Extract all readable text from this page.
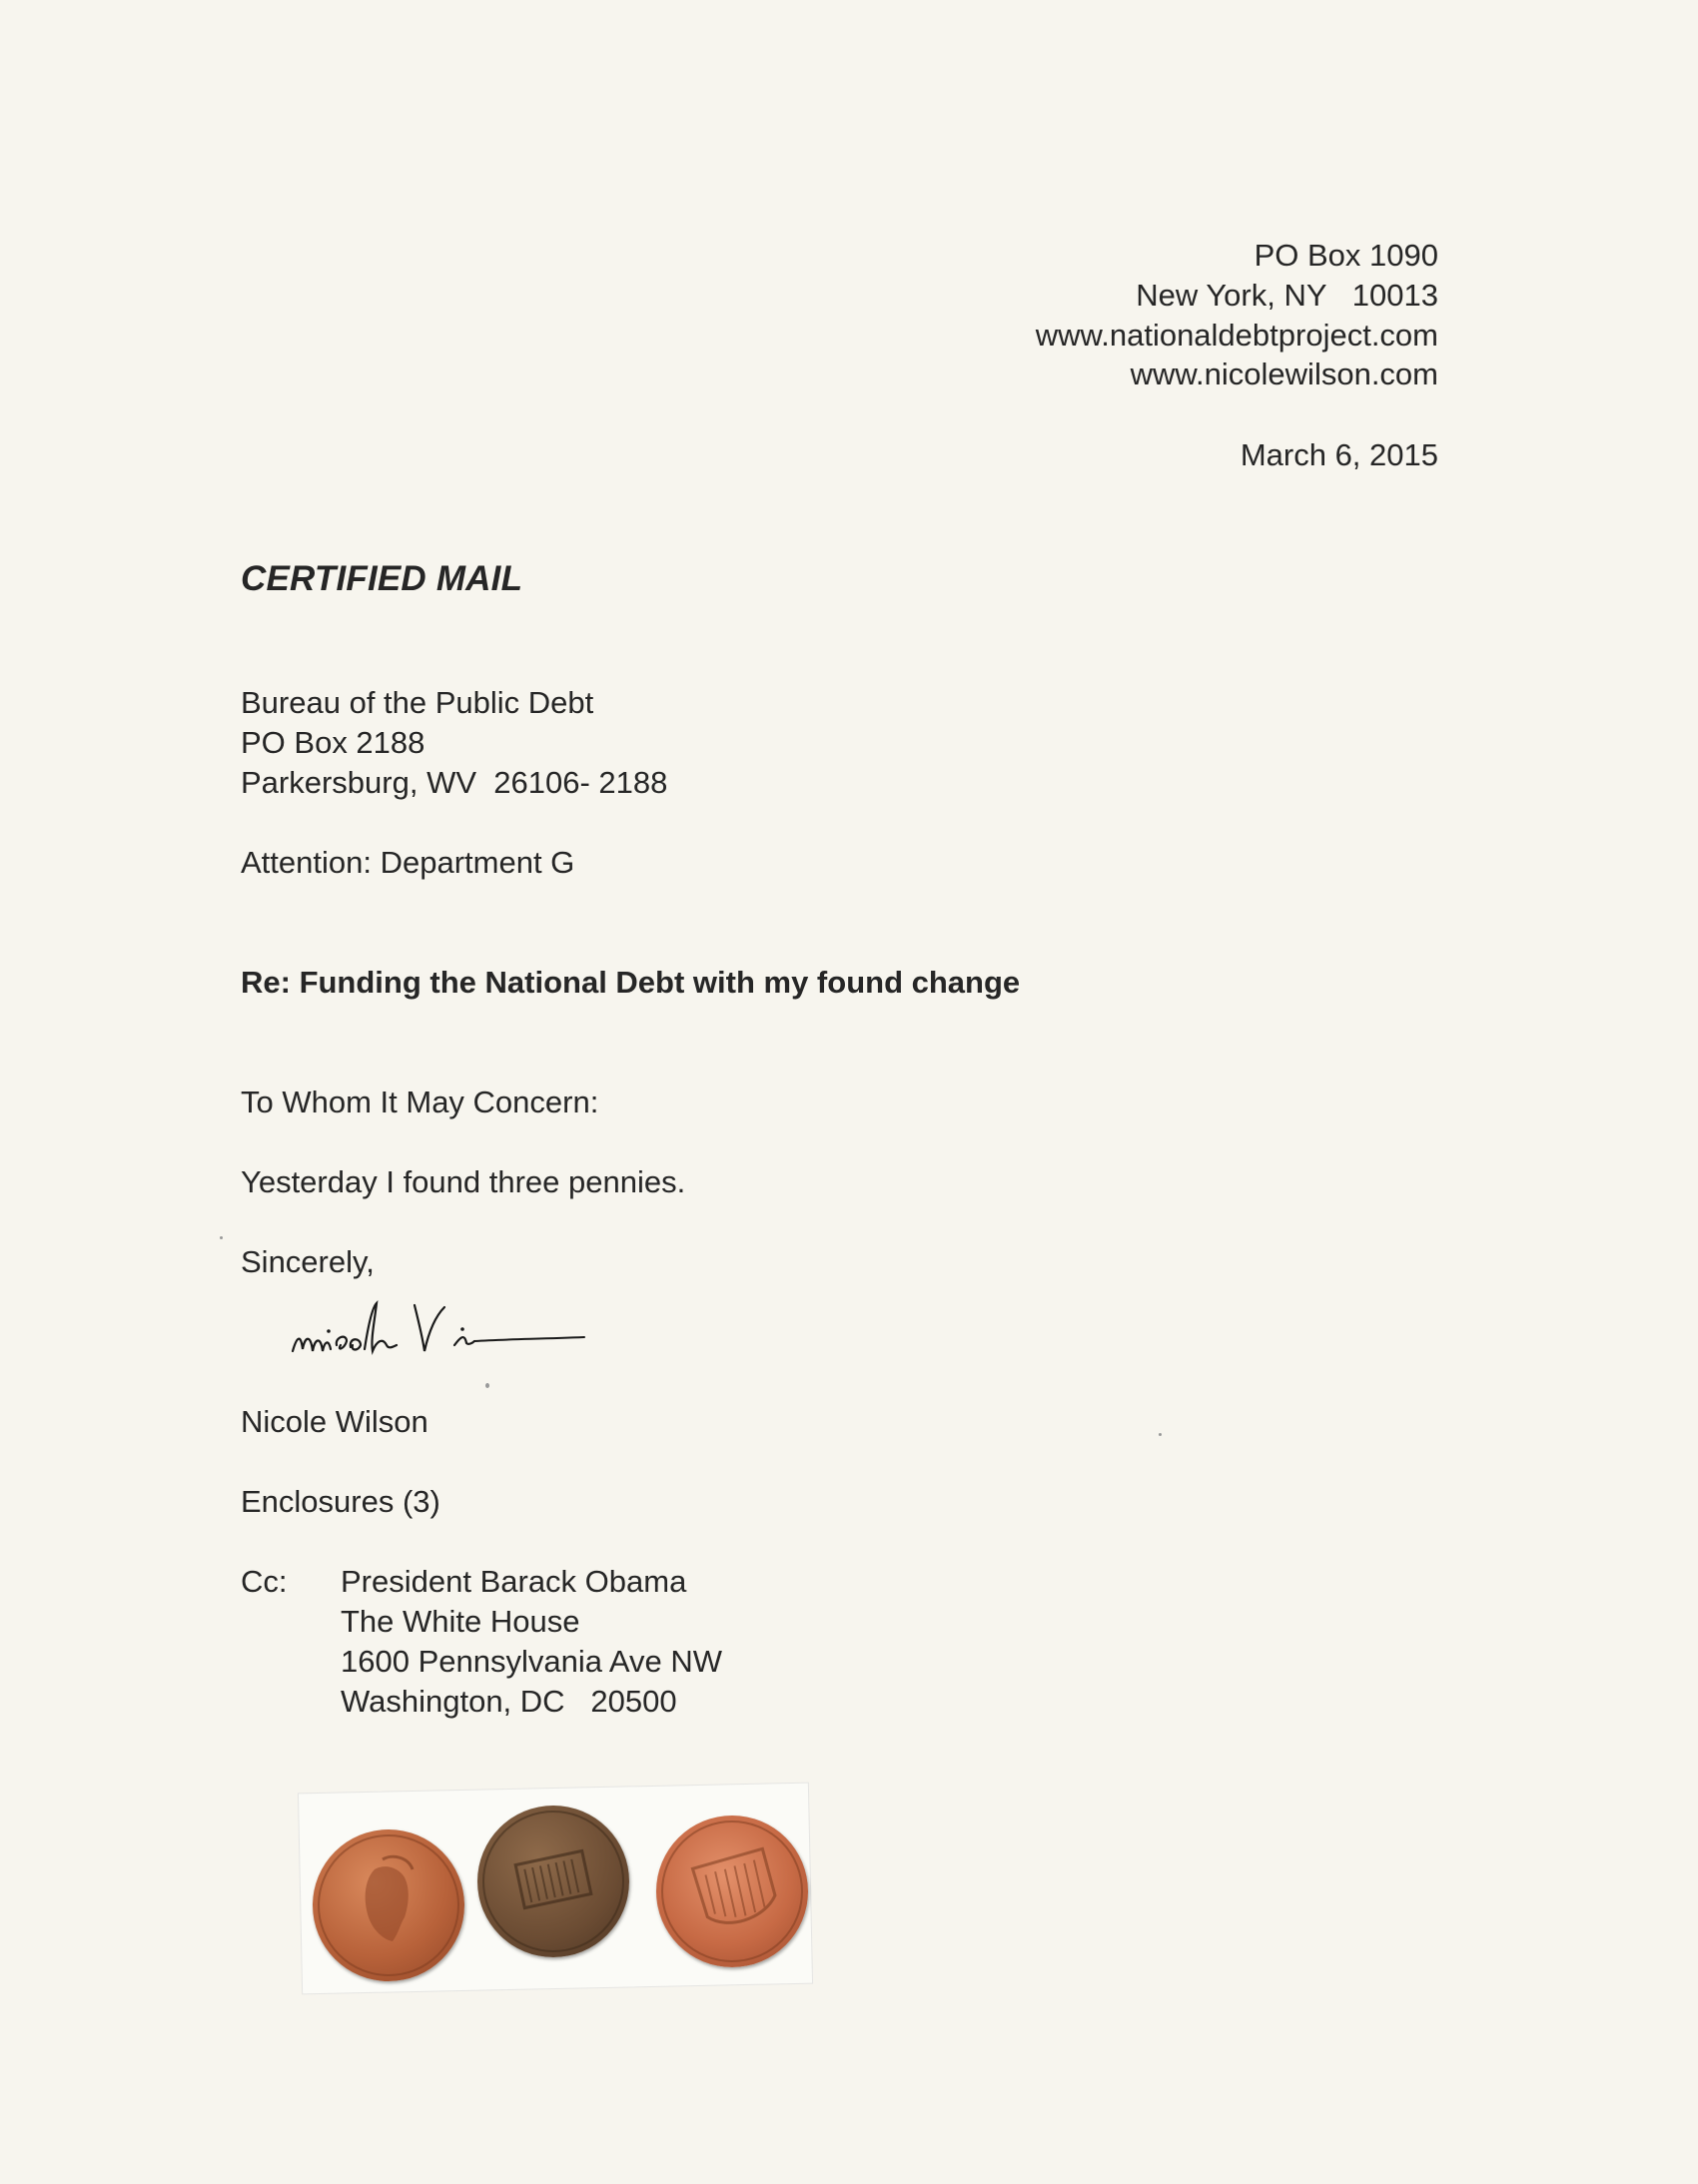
PO Box 1090
New York, NY   10013
www.nationaldebtproject.com
www.nicolewilson.com
March 6, 2015
CERTIFIED MAIL
Bureau of the Public Debt
PO Box 2188
Parkersburg, WV  26106- 2188
Attention: Department G
Re: Funding the National Debt with my found change
To Whom It May Concern:
Yesterday I found three pennies.
Sincerely,
Nicole Wilson
Enclosures (3)
Cc: President Barack Obama
The White House
1600 Pennsylvania Ave NW
Washington, DC   20500
